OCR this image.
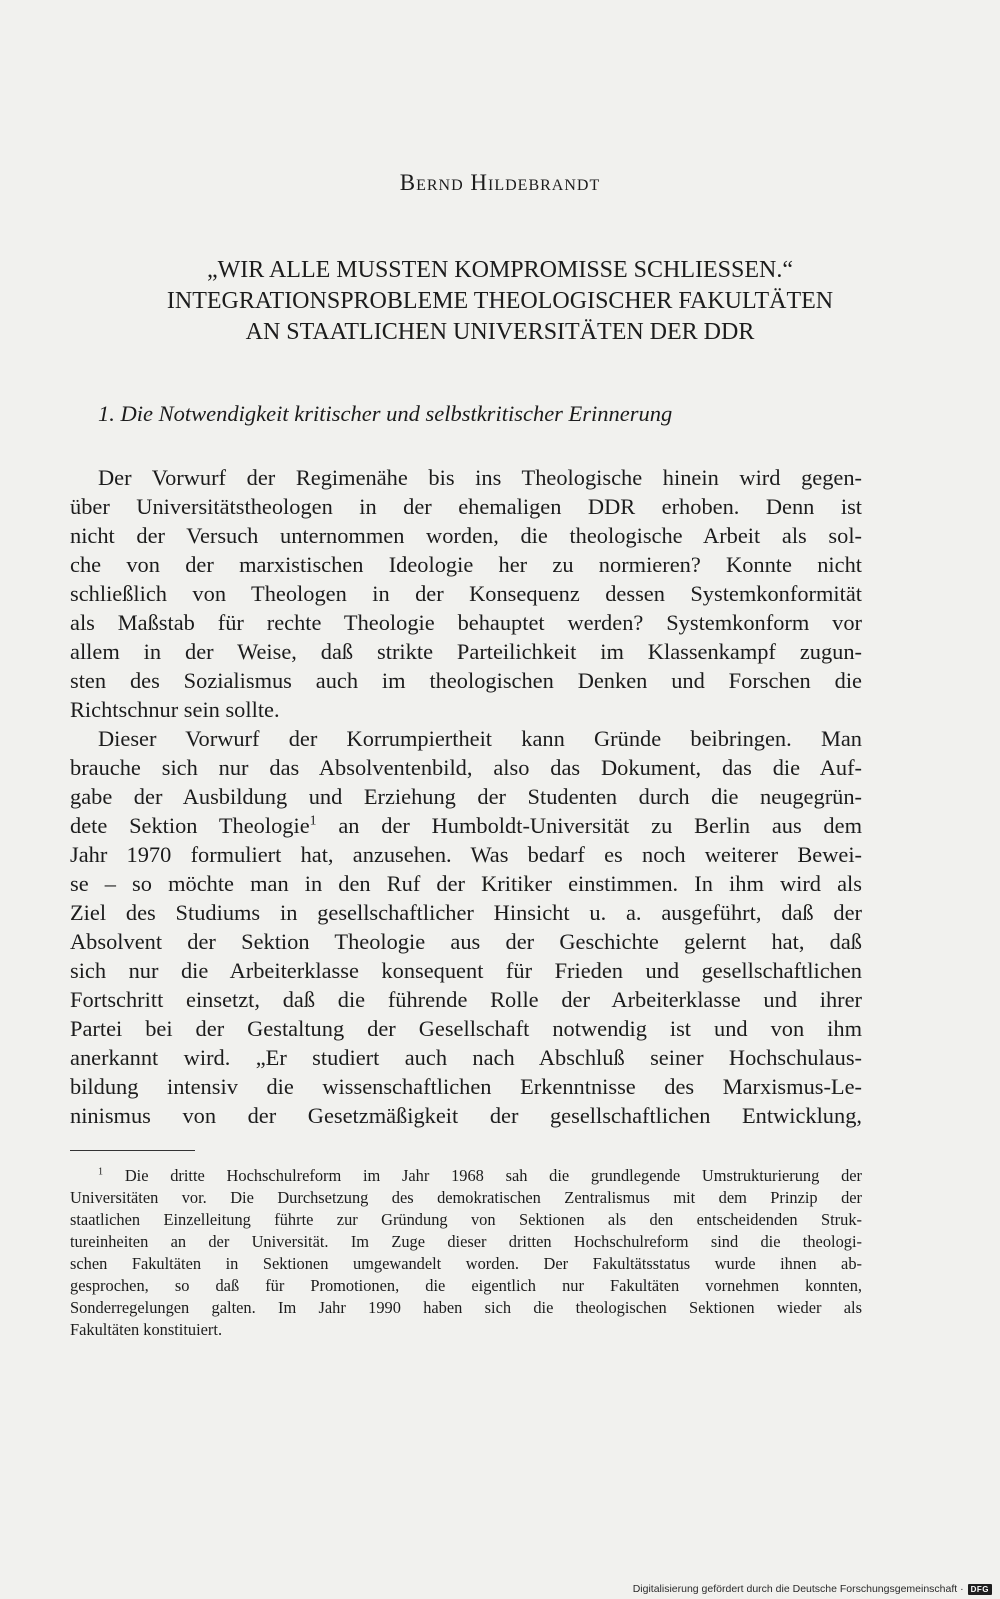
Bernd Hildebrandt
„WIR ALLE MUSSTEN KOMPROMISSE SCHLIESSEN.“
INTEGRATIONSPROBLEME THEOLOGISCHER FAKULTÄTEN
AN STAATLICHEN UNIVERSITÄTEN DER DDR
1. Die Notwendigkeit kritischer und selbstkritischer Erinnerung
Der Vorwurf der Regimenähe bis ins Theologische hinein wird gegen-
über Universitätstheologen in der ehemaligen DDR erhoben. Denn ist
nicht der Versuch unternommen worden, die theologische Arbeit als sol-
che von der marxistischen Ideologie her zu normieren? Konnte nicht
schließlich von Theologen in der Konsequenz dessen Systemkonformität
als Maßstab für rechte Theologie behauptet werden? Systemkonform vor
allem in der Weise, daß strikte Parteilichkeit im Klassenkampf zugun-
sten des Sozialismus auch im theologischen Denken und Forschen die
Richtschnur sein sollte.
Dieser Vorwurf der Korrumpiertheit kann Gründe beibringen. Man
brauche sich nur das Absolventenbild, also das Dokument, das die Auf-
gabe der Ausbildung und Erziehung der Studenten durch die neugegrün-
dete Sektion Theologie$^1$ an der Humboldt-Universität zu Berlin aus dem
Jahr 1970 formuliert hat, anzusehen. Was bedarf es noch weiterer Bewei-
se – so möchte man in den Ruf der Kritiker einstimmen. In ihm wird als
Ziel des Studiums in gesellschaftlicher Hinsicht u. a. ausgeführt, daß der
Absolvent der Sektion Theologie aus der Geschichte gelernt hat, daß
sich nur die Arbeiterklasse konsequent für Frieden und gesellschaftlichen
Fortschritt einsetzt, daß die führende Rolle der Arbeiterklasse und ihrer
Partei bei der Gestaltung der Gesellschaft notwendig ist und von ihm
anerkannt wird. „Er studiert auch nach Abschluß seiner Hochschulaus-
bildung intensiv die wissenschaftlichen Erkenntnisse des Marxismus-Le-
ninismus von der Gesetzmäßigkeit der gesellschaftlichen Entwicklung,
$^1$ Die dritte Hochschulreform im Jahr 1968 sah die grundlegende Umstrukturierung der
Universitäten vor. Die Durchsetzung des demokratischen Zentralismus mit dem Prinzip der
staatlichen Einzelleitung führte zur Gründung von Sektionen als den entscheidenden Struk-
tureinheiten an der Universität. Im Zuge dieser dritten Hochschulreform sind die theologi-
schen Fakultäten in Sektionen umgewandelt worden. Der Fakultätsstatus wurde ihnen ab-
gesprochen, so daß für Promotionen, die eigentlich nur Fakultäten vornehmen konnten,
Sonderregelungen galten. Im Jahr 1990 haben sich die theologischen Sektionen wieder als
Fakultäten konstituiert.
Digitalisierung gefördert durch die Deutsche Forschungsgemeinschaft · DFG
